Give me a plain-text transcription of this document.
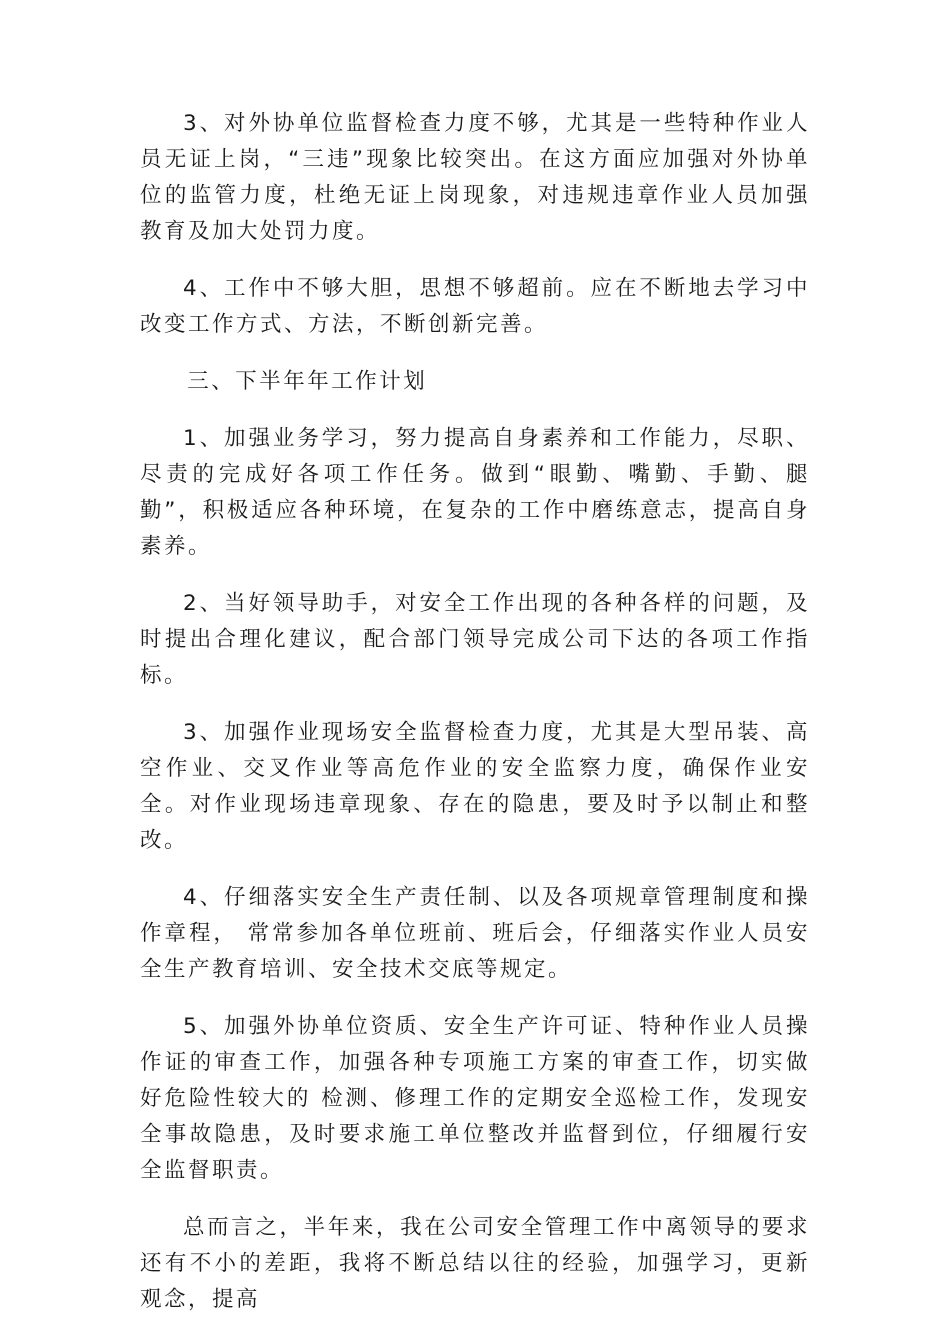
3、对外协单位监督检查力度不够，尤其是一些特种作业人员无证上岗，“三违”现象比较突出。在这方面应加强对外协单位的监管力度，杜绝无证上岗现象，对违规违章作业人员加强教育及加大处罚力度。

4、工作中不够大胆，思想不够超前。应在不断地去学习中改变工作方式、方法，不断创新完善。

三、下半年年工作计划

1、加强业务学习，努力提高自身素养和工作能力，尽职、尽责的完成好各项工作任务。做到“眼勤、嘴勤、手勤、腿勤”，积极适应各种环境，在复杂的工作中磨练意志，提高自身素养。

2、当好领导助手，对安全工作出现的各种各样的问题，及时提出合理化建议，配合部门领导完成公司下达的各项工作指标。

3、加强作业现场安全监督检查力度，尤其是大型吊装、高空作业、交叉作业等高危作业的安全监察力度，确保作业安全。对作业现场违章现象、存在的隐患，要及时予以制止和整改。

4、仔细落实安全生产责任制、以及各项规章管理制度和操作章程， 常常参加各单位班前、班后会，仔细落实作业人员安全生产教育培训、安全技术交底等规定。

5、加强外协单位资质、安全生产许可证、特种作业人员操作证的审查工作，加强各种专项施工方案的审查工作，切实做好危险性较大的 检测、修理工作的定期安全巡检工作，发现安全事故隐患，及时要求施工单位整改并监督到位，仔细履行安全监督职责。

总而言之，半年来，我在公司安全管理工作中离领导的要求还有不小的差距，我将不断总结以往的经验，加强学习，更新观念，提高
